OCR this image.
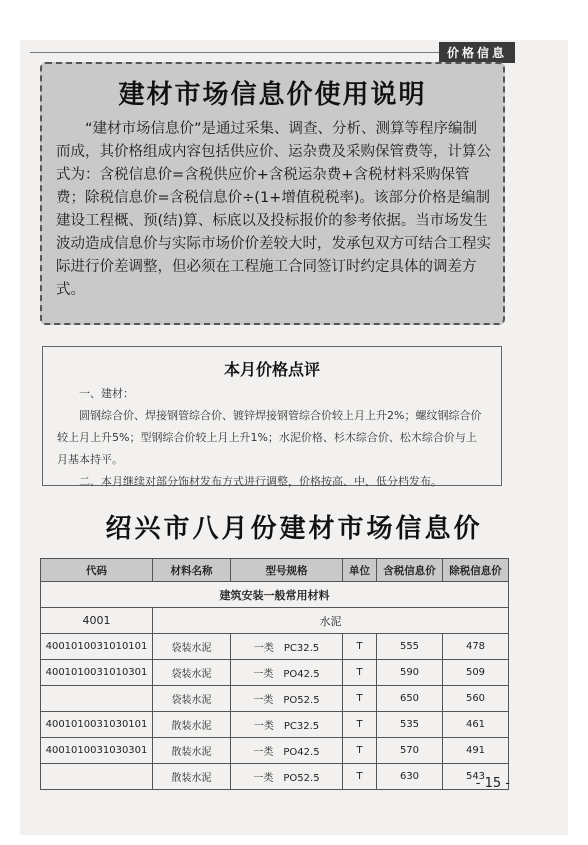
价格信息
建材市场信息价使用说明
“建材市场信息价”是通过采集、调查、分析、测算等程序编制而成，其价格组成内容包括供应价、运杂费及采购保管费等，计算公式为：含税信息价=含税供应价+含税运杂费+含税材料采购保管费；除税信息价=含税信息价÷(1+增值税税率)。该部分价格是编制建设工程概、预(结)算、标底以及投标报价的参考依据。当市场发生波动造成信息价与实际市场价价差较大时，发承包双方可结合工程实际进行价差调整，但必须在工程施工合同签订时约定具体的调差方式。
本月价格点评

一、建材：

圆钢综合价、焊接钢管综合价、镀锌焊接钢管综合价较上月上升2%；螺纹钢综合价较上月上升5%；型钢综合价较上月上升1%；水泥价格、杉木综合价、松木综合价与上月基本持平。

二、本月继续对部分饰材发布方式进行调整，价格按高、中、低分档发布。

绍兴市八月份建材市场信息价
代码	材料名称	型号规格	单位	含税信息价	除税信息价
建筑安装一般常用材料					
4001	水泥				
4001010031010101	袋装水泥	一类　PC32.5	T	555	478
4001010031010301	袋装水泥	一类　PO42.5	T	590	509
	袋装水泥	一类　PO52.5	T	650	560
4001010031030101	散装水泥	一类　PC32.5	T	535	461
4001010031030301	散装水泥	一类　PO42.5	T	570	491
	散装水泥	一类　PO52.5	T	630	543
- 15 -
